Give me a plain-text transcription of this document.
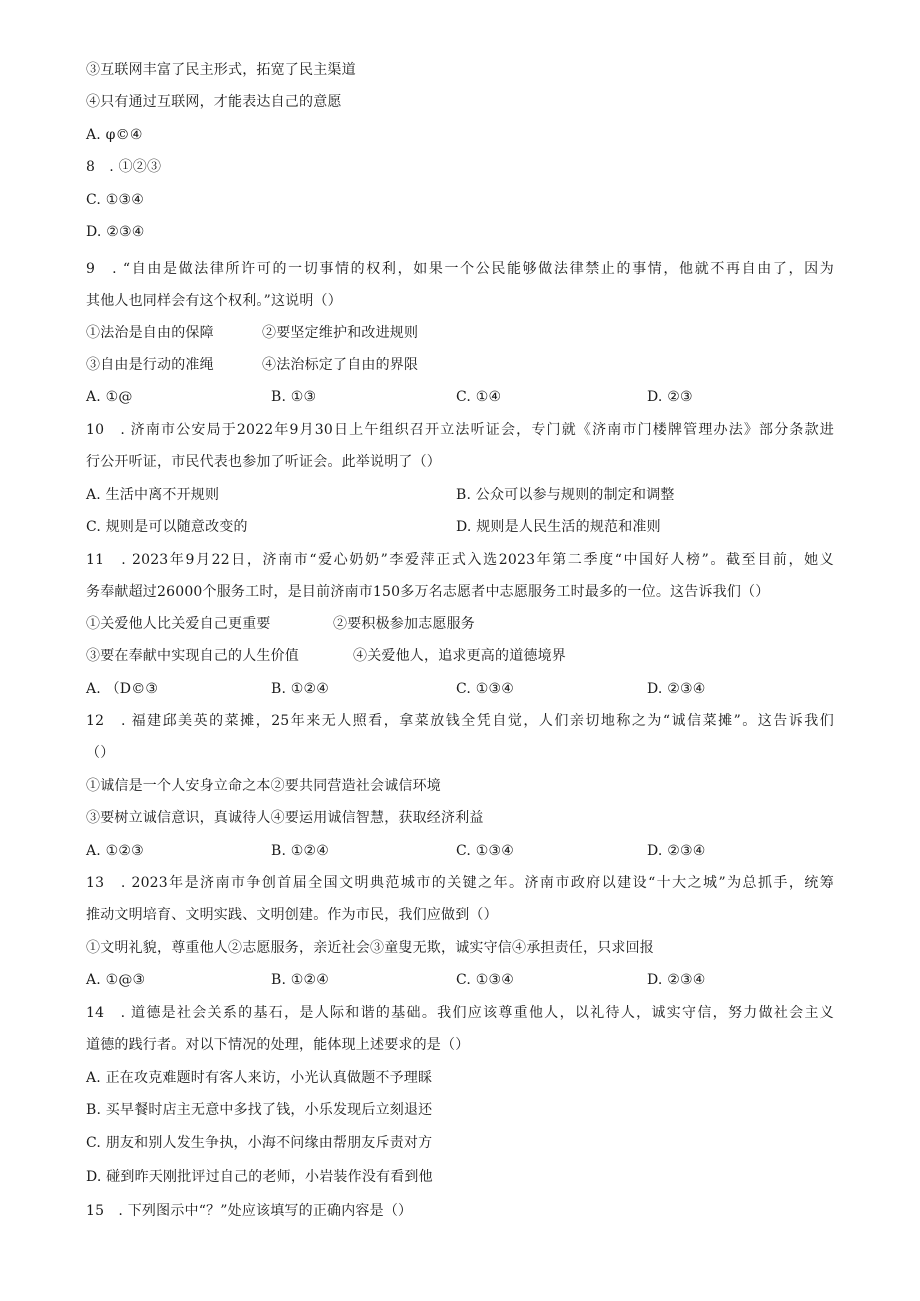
③互联网丰富了民主形式，拓宽了民主渠道
④只有通过互联网，才能表达自己的意愿
A. φ©④
8　. ①②③
C. ①③④
D. ②③④
9　. “自由是做法律所许可的一切事情的权利，如果一个公民能够做法律禁止的事情，他就不再自由了，因为
其他人也同样会有这个权利。”这说明（）
①法治是自由的保障	②要坚定维护和改进规则
③自由是行动的准绳	④法治标定了自由的界限
A. ①@	B. ①③	C. ①④	D. ②③
10　. 济南市公安局于2022年9月30日上午组织召开立法听证会，专门就《济南市门楼牌管理办法》部分条款进
行公开听证，市民代表也参加了听证会。此举说明了（）
A. 生活中离不开规则	B. 公众可以参与规则的制定和调整
C. 规则是可以随意改变的	D. 规则是人民生活的规范和准则
11　. 2023年9月22日，济南市“爱心奶奶”李爱萍正式入选2023年第二季度“中国好人榜”。截至目前，她义
务奉献超过26000个服务工时，是目前济南市150多万名志愿者中志愿服务工时最多的一位。这告诉我们（）
①关爱他人比关爱自己更重要	②要积极参加志愿服务
③要在奉献中实现自己的人生价值	④关爱他人，追求更高的道德境界
A. （D©③	B. ①②④	C. ①③④	D. ②③④
12　. 福建邱美英的菜摊，25年来无人照看，拿菜放钱全凭自觉，人们亲切地称之为“诚信菜摊”。这告诉我们
（）
①诚信是一个人安身立命之本②要共同营造社会诚信环境
③要树立诚信意识，真诚待人④要运用诚信智慧，获取经济利益
A. ①②③	B. ①②④	C. ①③④	D. ②③④
13　. 2023年是济南市争创首届全国文明典范城市的关键之年。济南市政府以建设“十大之城”为总抓手，统筹
推动文明培育、文明实践、文明创建。作为市民，我们应做到（）
①文明礼貌，尊重他人②志愿服务，亲近社会③童叟无欺，诚实守信④承担责任，只求回报
A. ①@③	B. ①②④	C. ①③④	D. ②③④
14　. 道德是社会关系的基石，是人际和谐的基础。我们应该尊重他人，以礼待人，诚实守信，努力做社会主义
道德的践行者。对以下情况的处理，能体现上述要求的是（）
A. 正在攻克难题时有客人来访，小光认真做题不予理睬
B. 买早餐时店主无意中多找了钱，小乐发现后立刻退还
C. 朋友和别人发生争执，小海不问缘由帮朋友斥责对方
D. 碰到昨天刚批评过自己的老师，小岩装作没有看到他
15　. 下列图示中“？”处应该填写的正确内容是（）
